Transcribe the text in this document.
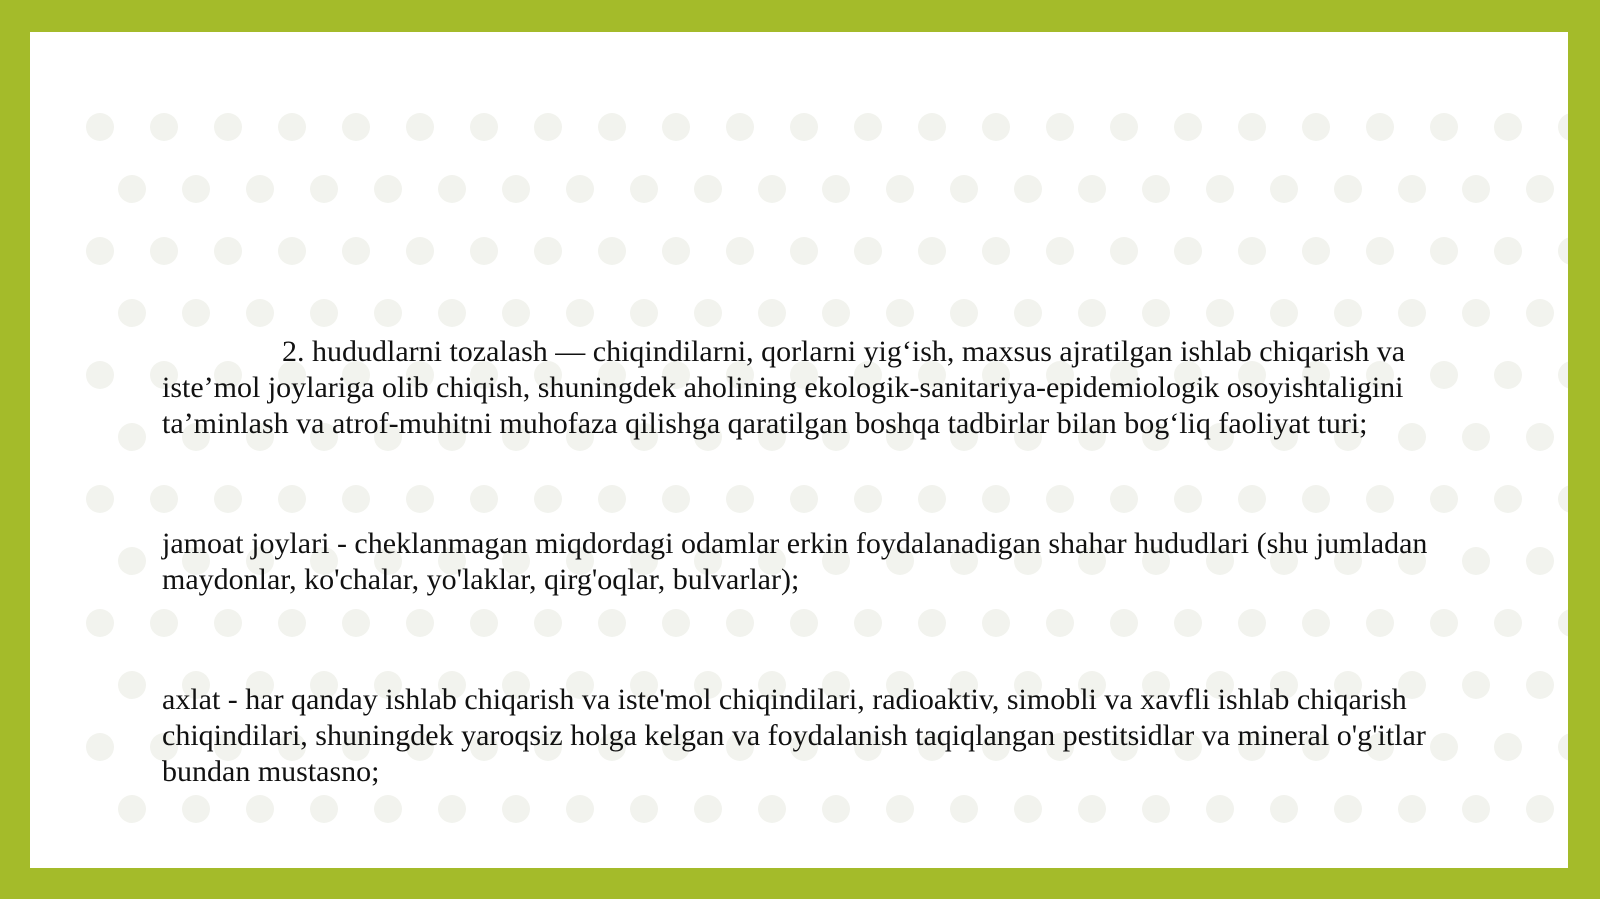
2. hududlarni tozalash — chiqindilarni, qorlarni yig‘ish, maxsus ajratilgan ishlab chiqarish va iste’mol joylariga olib chiqish, shuningdek aholining ekologik-sanitariya-epidemiologik osoyishtaligini ta’minlash va atrof-muhitni muhofaza qilishga qaratilgan boshqa tadbirlar bilan bog‘liq faoliyat turi;

jamoat joylari - cheklanmagan miqdordagi odamlar erkin foydalanadigan shahar hududlari (shu jumladan maydonlar, ko'chalar, yo'laklar, qirg'oqlar, bulvarlar);

axlat - har qanday ishlab chiqarish va iste'mol chiqindilari, radioaktiv, simobli va xavfli ishlab chiqarish chiqindilari, shuningdek yaroqsiz holga kelgan va foydalanish taqiqlangan pestitsidlar va mineral o'g'itlar bundan mustasno;
